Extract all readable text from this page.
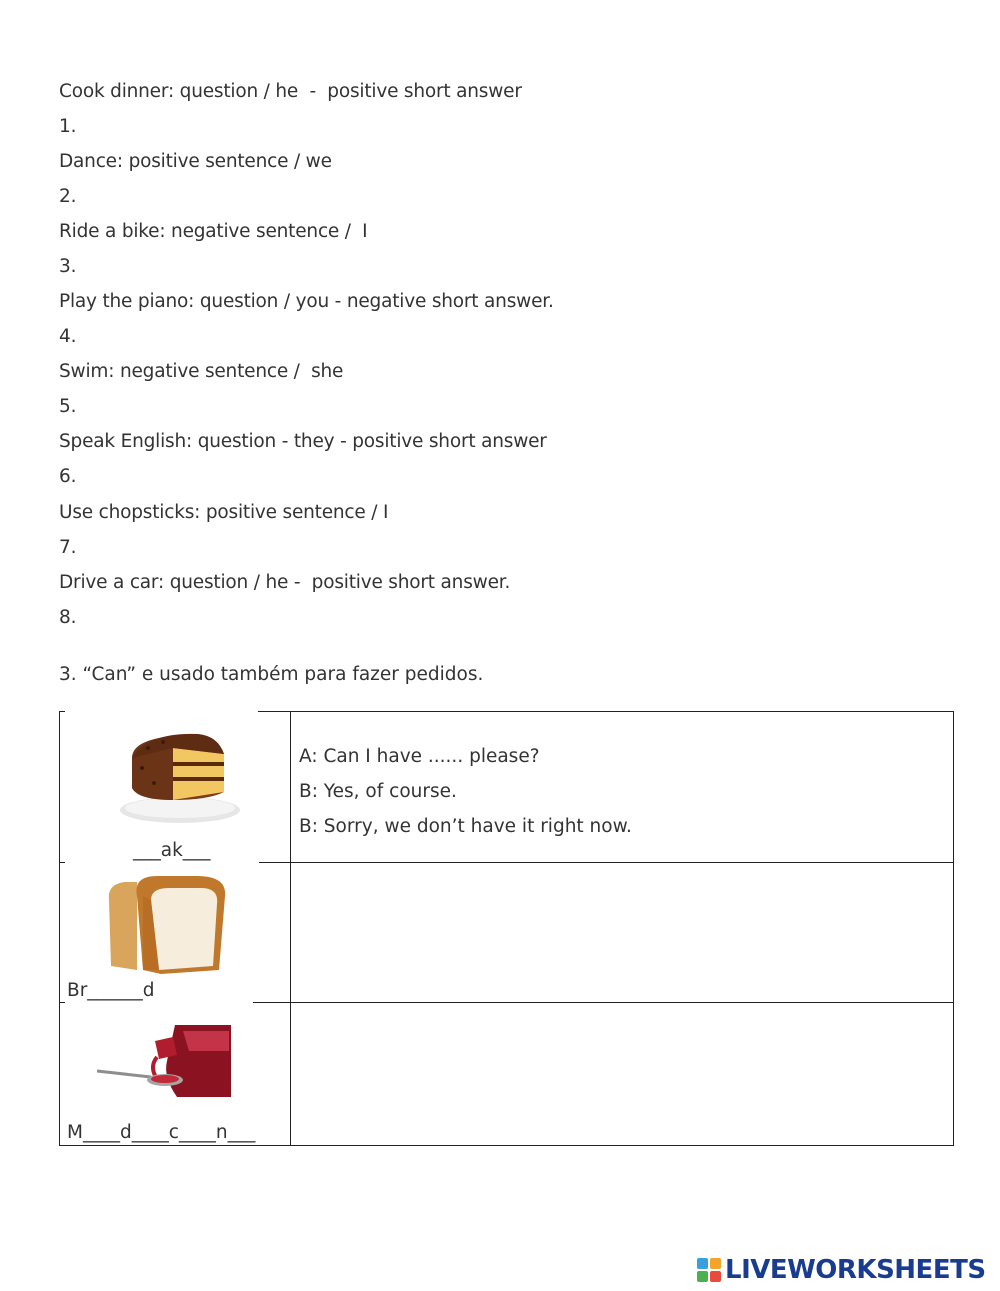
Cook dinner: question / he  -  positive short answer
1.
Dance: positive sentence / we
2.
Ride a bike: negative sentence /  I
3.
Play the piano: question / you - negative short answer.
4.
Swim: negative sentence /  she
5.
Speak English: question - they - positive short answer
6.
Use chopsticks: positive sentence / I
7.
Drive a car: question / he -  positive short answer.
8.
3. “Can” e usado também para fazer pedidos.
___ak___
A: Can I have ...... please?
B: Yes, of course.
B: Sorry, we don’t have it right now.
Br______d
M____d____c____n___
LIVEWORKSHEETS
